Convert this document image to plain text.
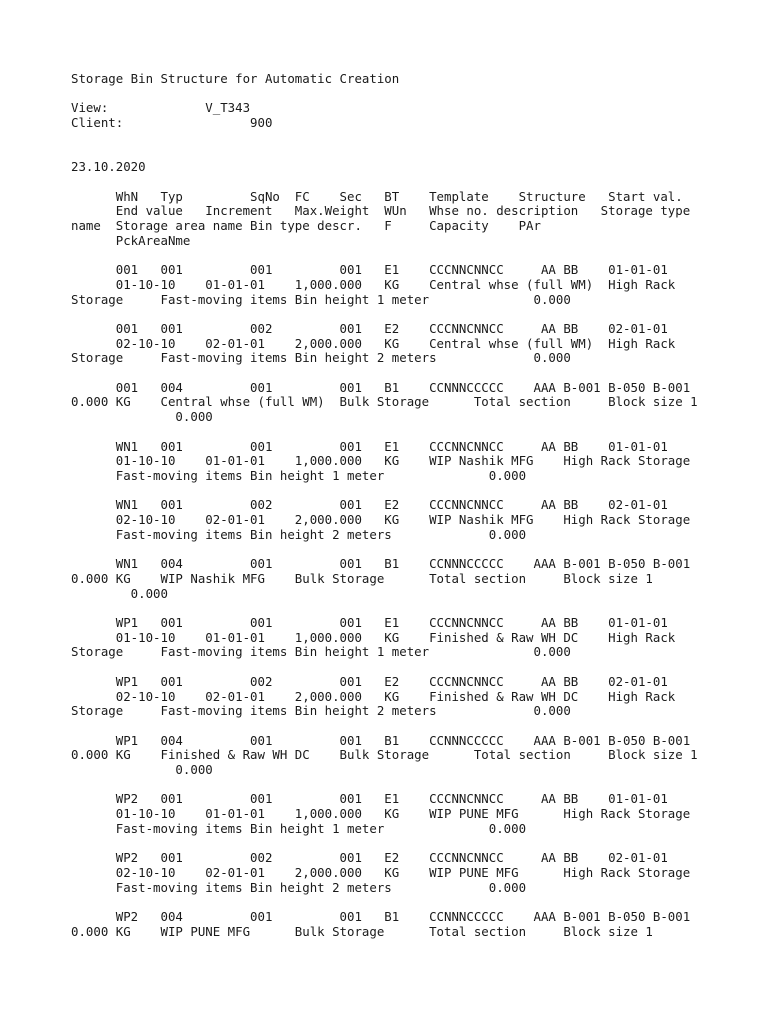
Storage Bin Structure for Automatic Creation

View:             V_T343
Client:                 900

23.10.2020

WhN   Typ         SqNo  FC    Sec   BT    Template    Structure   Start val.
End value   Increment   Max.Weight  WUn   Whse no. description   Storage type
name  Storage area name Bin type descr.   F     Capacity    PAr
PckAreaNme

001   001         001         001   E1    CCCNNCNNCC     AA BB    01-01-01
01-10-10    01-01-01    1,000.000   KG    Central whse (full WM)  High Rack
Storage     Fast-moving items Bin height 1 meter              0.000

001   001         002         001   E2    CCCNNCNNCC     AA BB    02-01-01
02-10-10    02-01-01    2,000.000   KG    Central whse (full WM)  High Rack
Storage     Fast-moving items Bin height 2 meters             0.000

001   004         001         001   B1    CCNNNCCCCC    AAA B-001 B-050 B-001
0.000 KG    Central whse (full WM)  Bulk Storage      Total section     Block size 1
0.000

WN1   001         001         001   E1    CCCNNCNNCC     AA BB    01-01-01
01-10-10    01-01-01    1,000.000   KG    WIP Nashik MFG    High Rack Storage
Fast-moving items Bin height 1 meter              0.000

WN1   001         002         001   E2    CCCNNCNNCC     AA BB    02-01-01
02-10-10    02-01-01    2,000.000   KG    WIP Nashik MFG    High Rack Storage
Fast-moving items Bin height 2 meters             0.000

WN1   004         001         001   B1    CCNNNCCCCC    AAA B-001 B-050 B-001
0.000 KG    WIP Nashik MFG    Bulk Storage      Total section     Block size 1
0.000

WP1   001         001         001   E1    CCCNNCNNCC     AA BB    01-01-01
01-10-10    01-01-01    1,000.000   KG    Finished & Raw WH DC    High Rack
Storage     Fast-moving items Bin height 1 meter              0.000

WP1   001         002         001   E2    CCCNNCNNCC     AA BB    02-01-01
02-10-10    02-01-01    2,000.000   KG    Finished & Raw WH DC    High Rack
Storage     Fast-moving items Bin height 2 meters             0.000

WP1   004         001         001   B1    CCNNNCCCCC    AAA B-001 B-050 B-001
0.000 KG    Finished & Raw WH DC    Bulk Storage      Total section     Block size 1
0.000

WP2   001         001         001   E1    CCCNNCNNCC     AA BB    01-01-01
01-10-10    01-01-01    1,000.000   KG    WIP PUNE MFG      High Rack Storage
Fast-moving items Bin height 1 meter              0.000

WP2   001         002         001   E2    CCCNNCNNCC     AA BB    02-01-01
02-10-10    02-01-01    2,000.000   KG    WIP PUNE MFG      High Rack Storage
Fast-moving items Bin height 2 meters             0.000

WP2   004         001         001   B1    CCNNNCCCCC    AAA B-001 B-050 B-001
0.000 KG    WIP PUNE MFG      Bulk Storage      Total section     Block size 1
